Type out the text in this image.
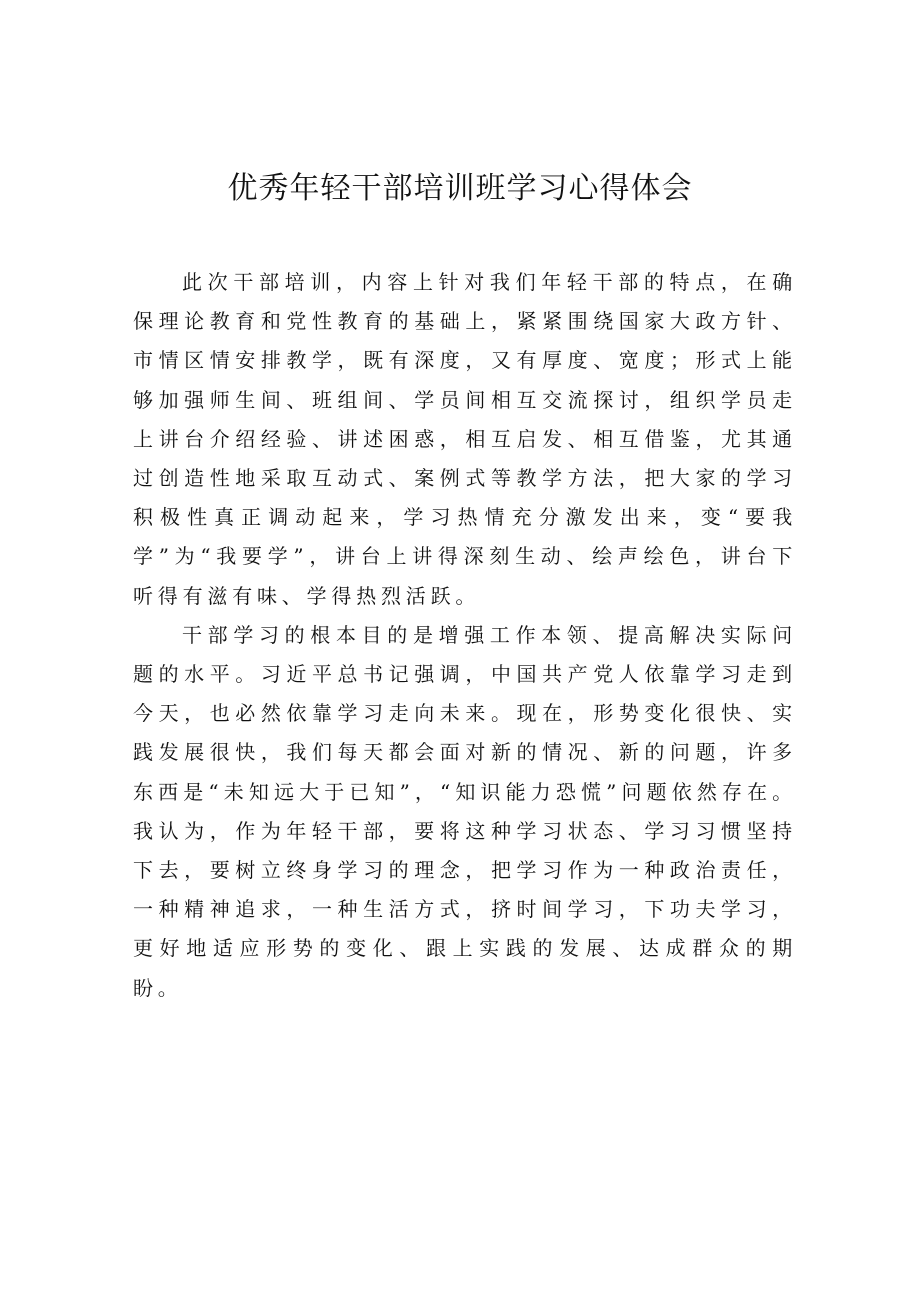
优秀年轻干部培训班学习心得体会

此次干部培训，内容上针对我们年轻干部的特点，在确保理论教育和党性教育的基础上，紧紧围绕国家大政方针、市情区情安排教学，既有深度，又有厚度、宽度；形式上能够加强师生间、班组间、学员间相互交流探讨，组织学员走上讲台介绍经验、讲述困惑，相互启发、相互借鉴，尤其通过创造性地采取互动式、案例式等教学方法，把大家的学习积极性真正调动起来，学习热情充分激发出来，变“要我学”为“我要学”，讲台上讲得深刻生动、绘声绘色，讲台下听得有滋有味、学得热烈活跃。

干部学习的根本目的是增强工作本领、提高解决实际问题的水平。习近平总书记强调，中国共产党人依靠学习走到今天，也必然依靠学习走向未来。现在，形势变化很快、实践发展很快，我们每天都会面对新的情况、新的问题，许多东西是“未知远大于已知”，“知识能力恐慌”问题依然存在。我认为，作为年轻干部，要将这种学习状态、学习习惯坚持下去，要树立终身学习的理念，把学习作为一种政治责任，一种精神追求，一种生活方式，挤时间学习，下功夫学习，更好地适应形势的变化、跟上实践的发展、达成群众的期盼。
